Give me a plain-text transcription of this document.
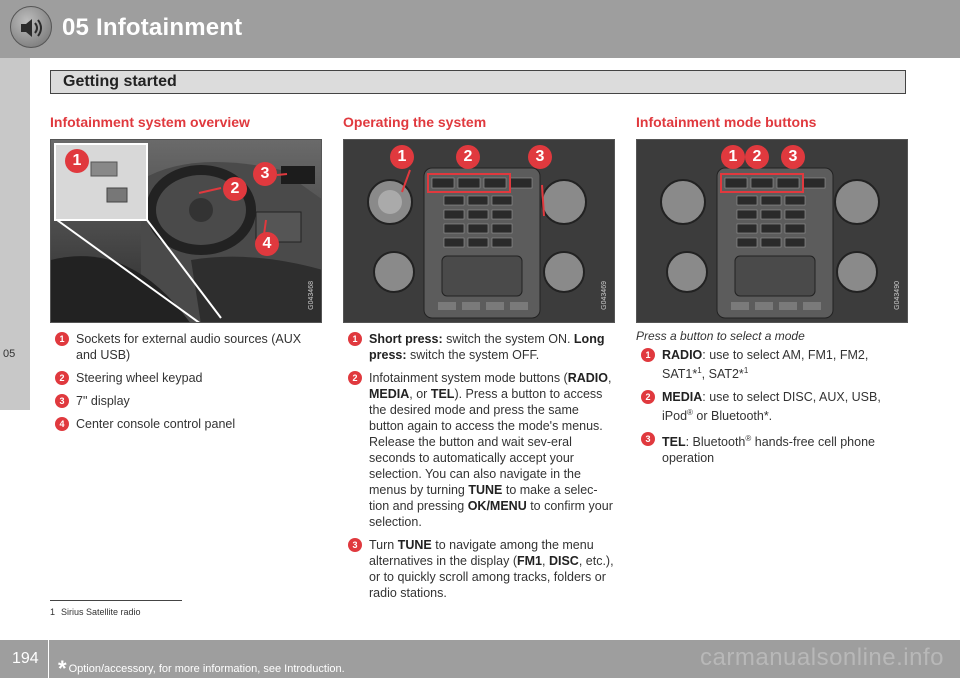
05 Infotainment
05
Getting started
Infotainment system overview
1
2
3
4
G043468
1 Sockets for external audio sources (AUX and USB)
2 Steering wheel keypad
3 7" display
4 Center console control panel
Operating the system
1	2	3
G043469
1 Short press: switch the system ON. Long press: switch the system OFF.
2 Infotainment system mode buttons (RADIO, MEDIA, or TEL). Press a button to access the desired mode and press the same button again to access the mode's menus. Release the button and wait sev-eral seconds to automatically accept your selection. You can also navigate in the menus by turning TUNE to make a selec-tion and pressing OK/MENU to confirm your selection.
3 Turn TUNE to navigate among the menu alternatives in the display (FM1, DISC, etc.), or to quickly scroll among tracks, folders or radio stations.
Infotainment mode buttons
1 2	3
G043490
Press a button to select a mode
1 RADIO: use to select AM, FM1, FM2, SAT1*$^1$, SAT2*$^1$
2 MEDIA: use to select DISC, AUX, USB, iPod® or Bluetooth*.
3 TEL: Bluetooth® hands-free cell phone operation
1 Sirius Satellite radio
194 * Option/accessory, for more information, see Introduction.	carmanualsonline.info
